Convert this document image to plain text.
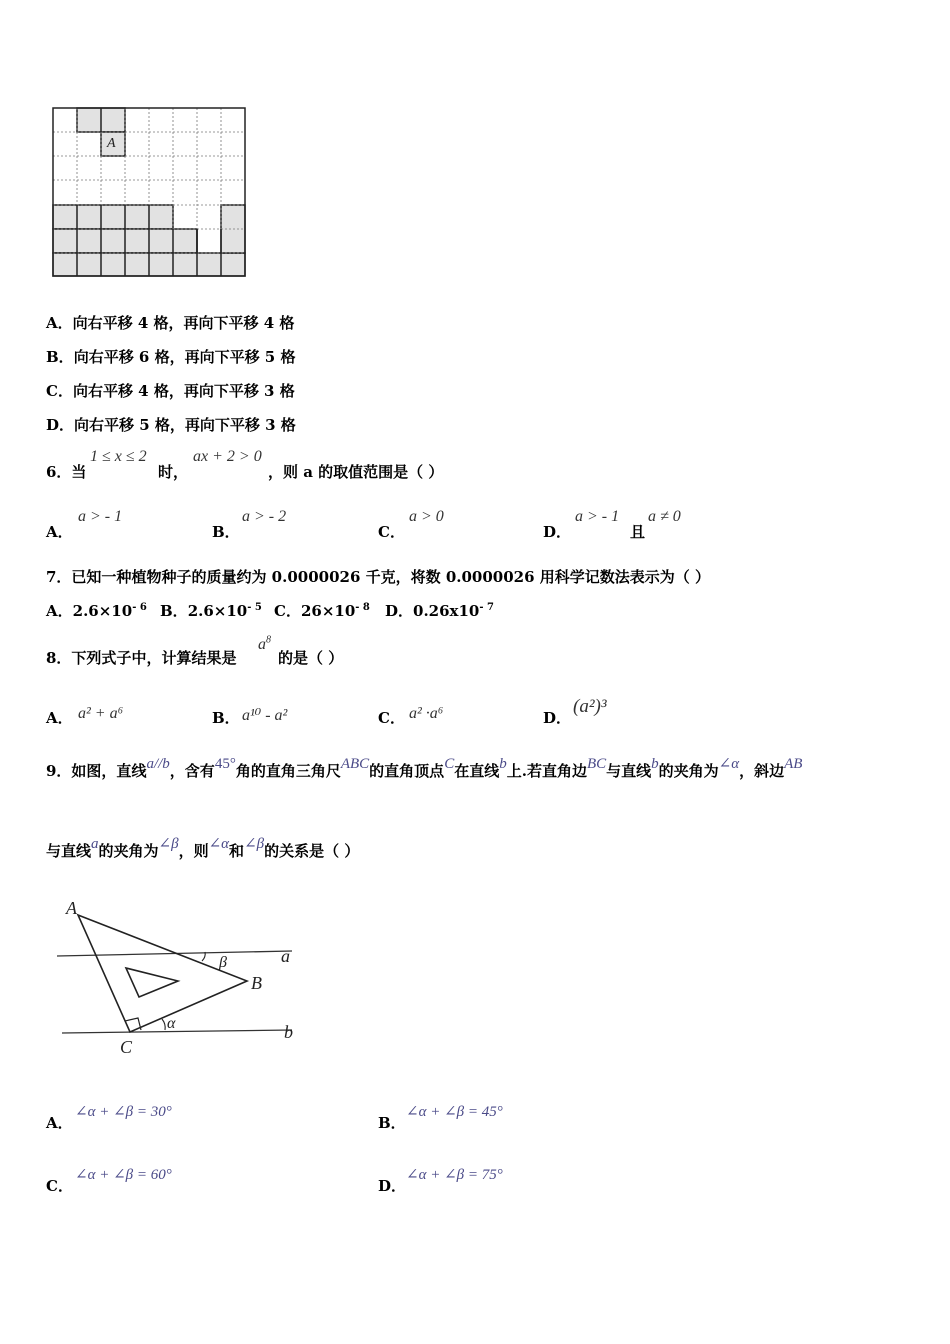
A
A．向右平移 4 格，再向下平移 4 格
B．向右平移 6 格，再向下平移 5 格
C．向右平移 4 格，再向下平移 3 格
D．向右平移 5 格，再向下平移 3 格
6．当
1 ≤ x ≤ 2
时，
ax + 2 > 0
，则 a 的取值范围是（ ）
A．
a > - 1
B．
a > - 2
C．
a > 0
D．
a > - 1
且
a ≠ 0
7．已知一种植物种子的质量约为 0.0000026 千克，将数 0.0000026 用科学记数法表示为（ ）
A．$2.6\times 10^{- 6}$ B．$2.6\times 10^{- 5}$ C．$26\times 10^{- 8}$ D．$0.26x10^{- 7}$
8．下列式子中，计算结果是
$a^8$
的是（ ）
A． a² + a⁶	B． a¹⁰ - a²	C． a² ·a⁶	D．
(a²)³
9．如图，直线a//b，含有45°角的直角三角尺ABC的直角顶点C在直线b上.若直角边BC与直线b的夹角为∠α，斜边AB
与直线a的夹角为∠β，则∠α和∠β的关系是（ ）
A
B
C
a
b
α
β
A．
∠α + ∠β = 30°
B．
∠α + ∠β = 45°
C．
∠α + ∠β = 60°
D．
∠α + ∠β = 75°
